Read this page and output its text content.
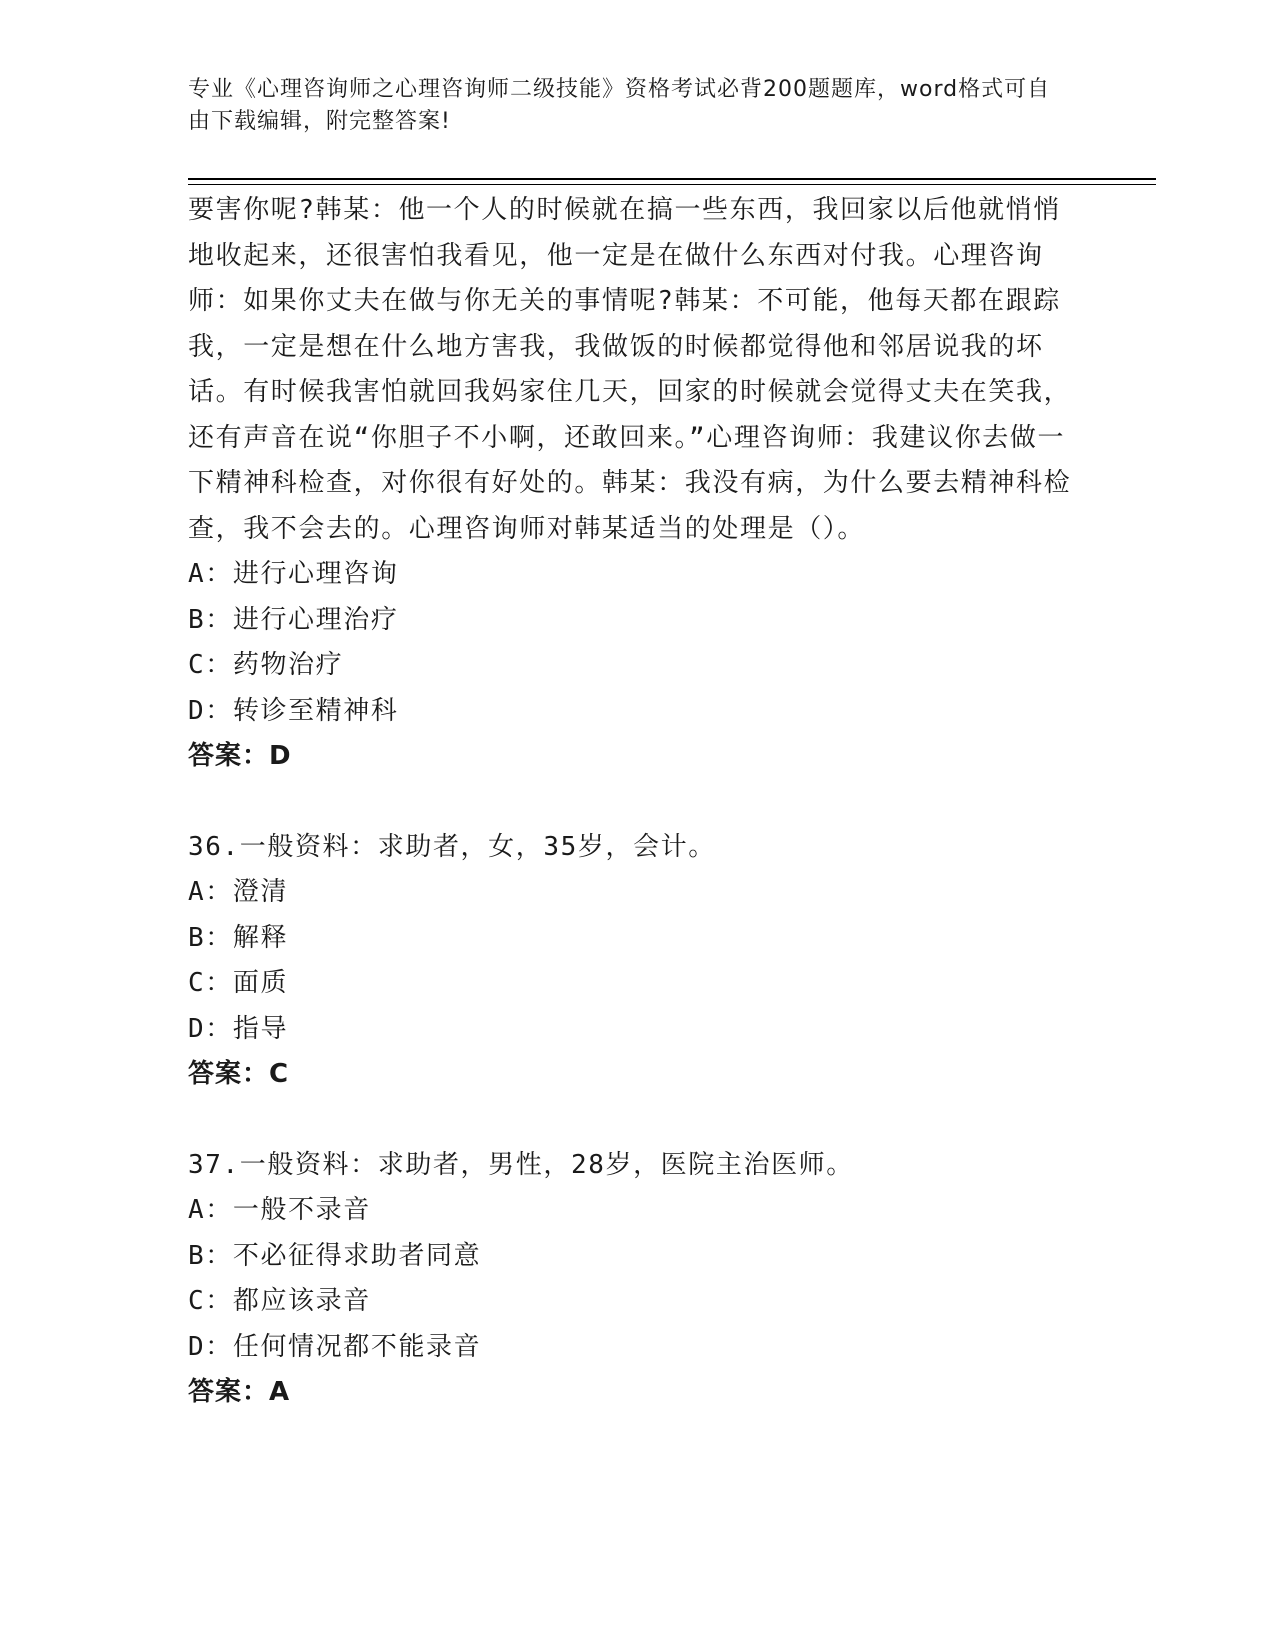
专业《心理咨询师之心理咨询师二级技能》资格考试必背200题题库，word格式可自由下载编辑，附完整答案!

要害你呢?韩某：他一个人的时候就在搞一些东西，我回家以后他就悄悄地收起来，还很害怕我看见，他一定是在做什么东西对付我。心理咨询师：如果你丈夫在做与你无关的事情呢?韩某：不可能，他每天都在跟踪我，一定是想在什么地方害我，我做饭的时候都觉得他和邻居说我的坏话。有时候我害怕就回我妈家住几天，回家的时候就会觉得丈夫在笑我，还有声音在说“你胆子不小啊，还敢回来。”心理咨询师：我建议你去做一下精神科检查，对你很有好处的。韩某：我没有病，为什么要去精神科检查，我不会去的。心理咨询师对韩某适当的处理是（）。

A：进行心理咨询

B：进行心理治疗

C：药物治疗

D：转诊至精神科

答案：D

36.一般资料：求助者，女，35岁，会计。

A：澄清

B：解释

C：面质

D：指导

答案：C

37.一般资料：求助者，男性，28岁，医院主治医师。

A：一般不录音

B：不必征得求助者同意

C：都应该录音

D：任何情况都不能录音

答案：A
